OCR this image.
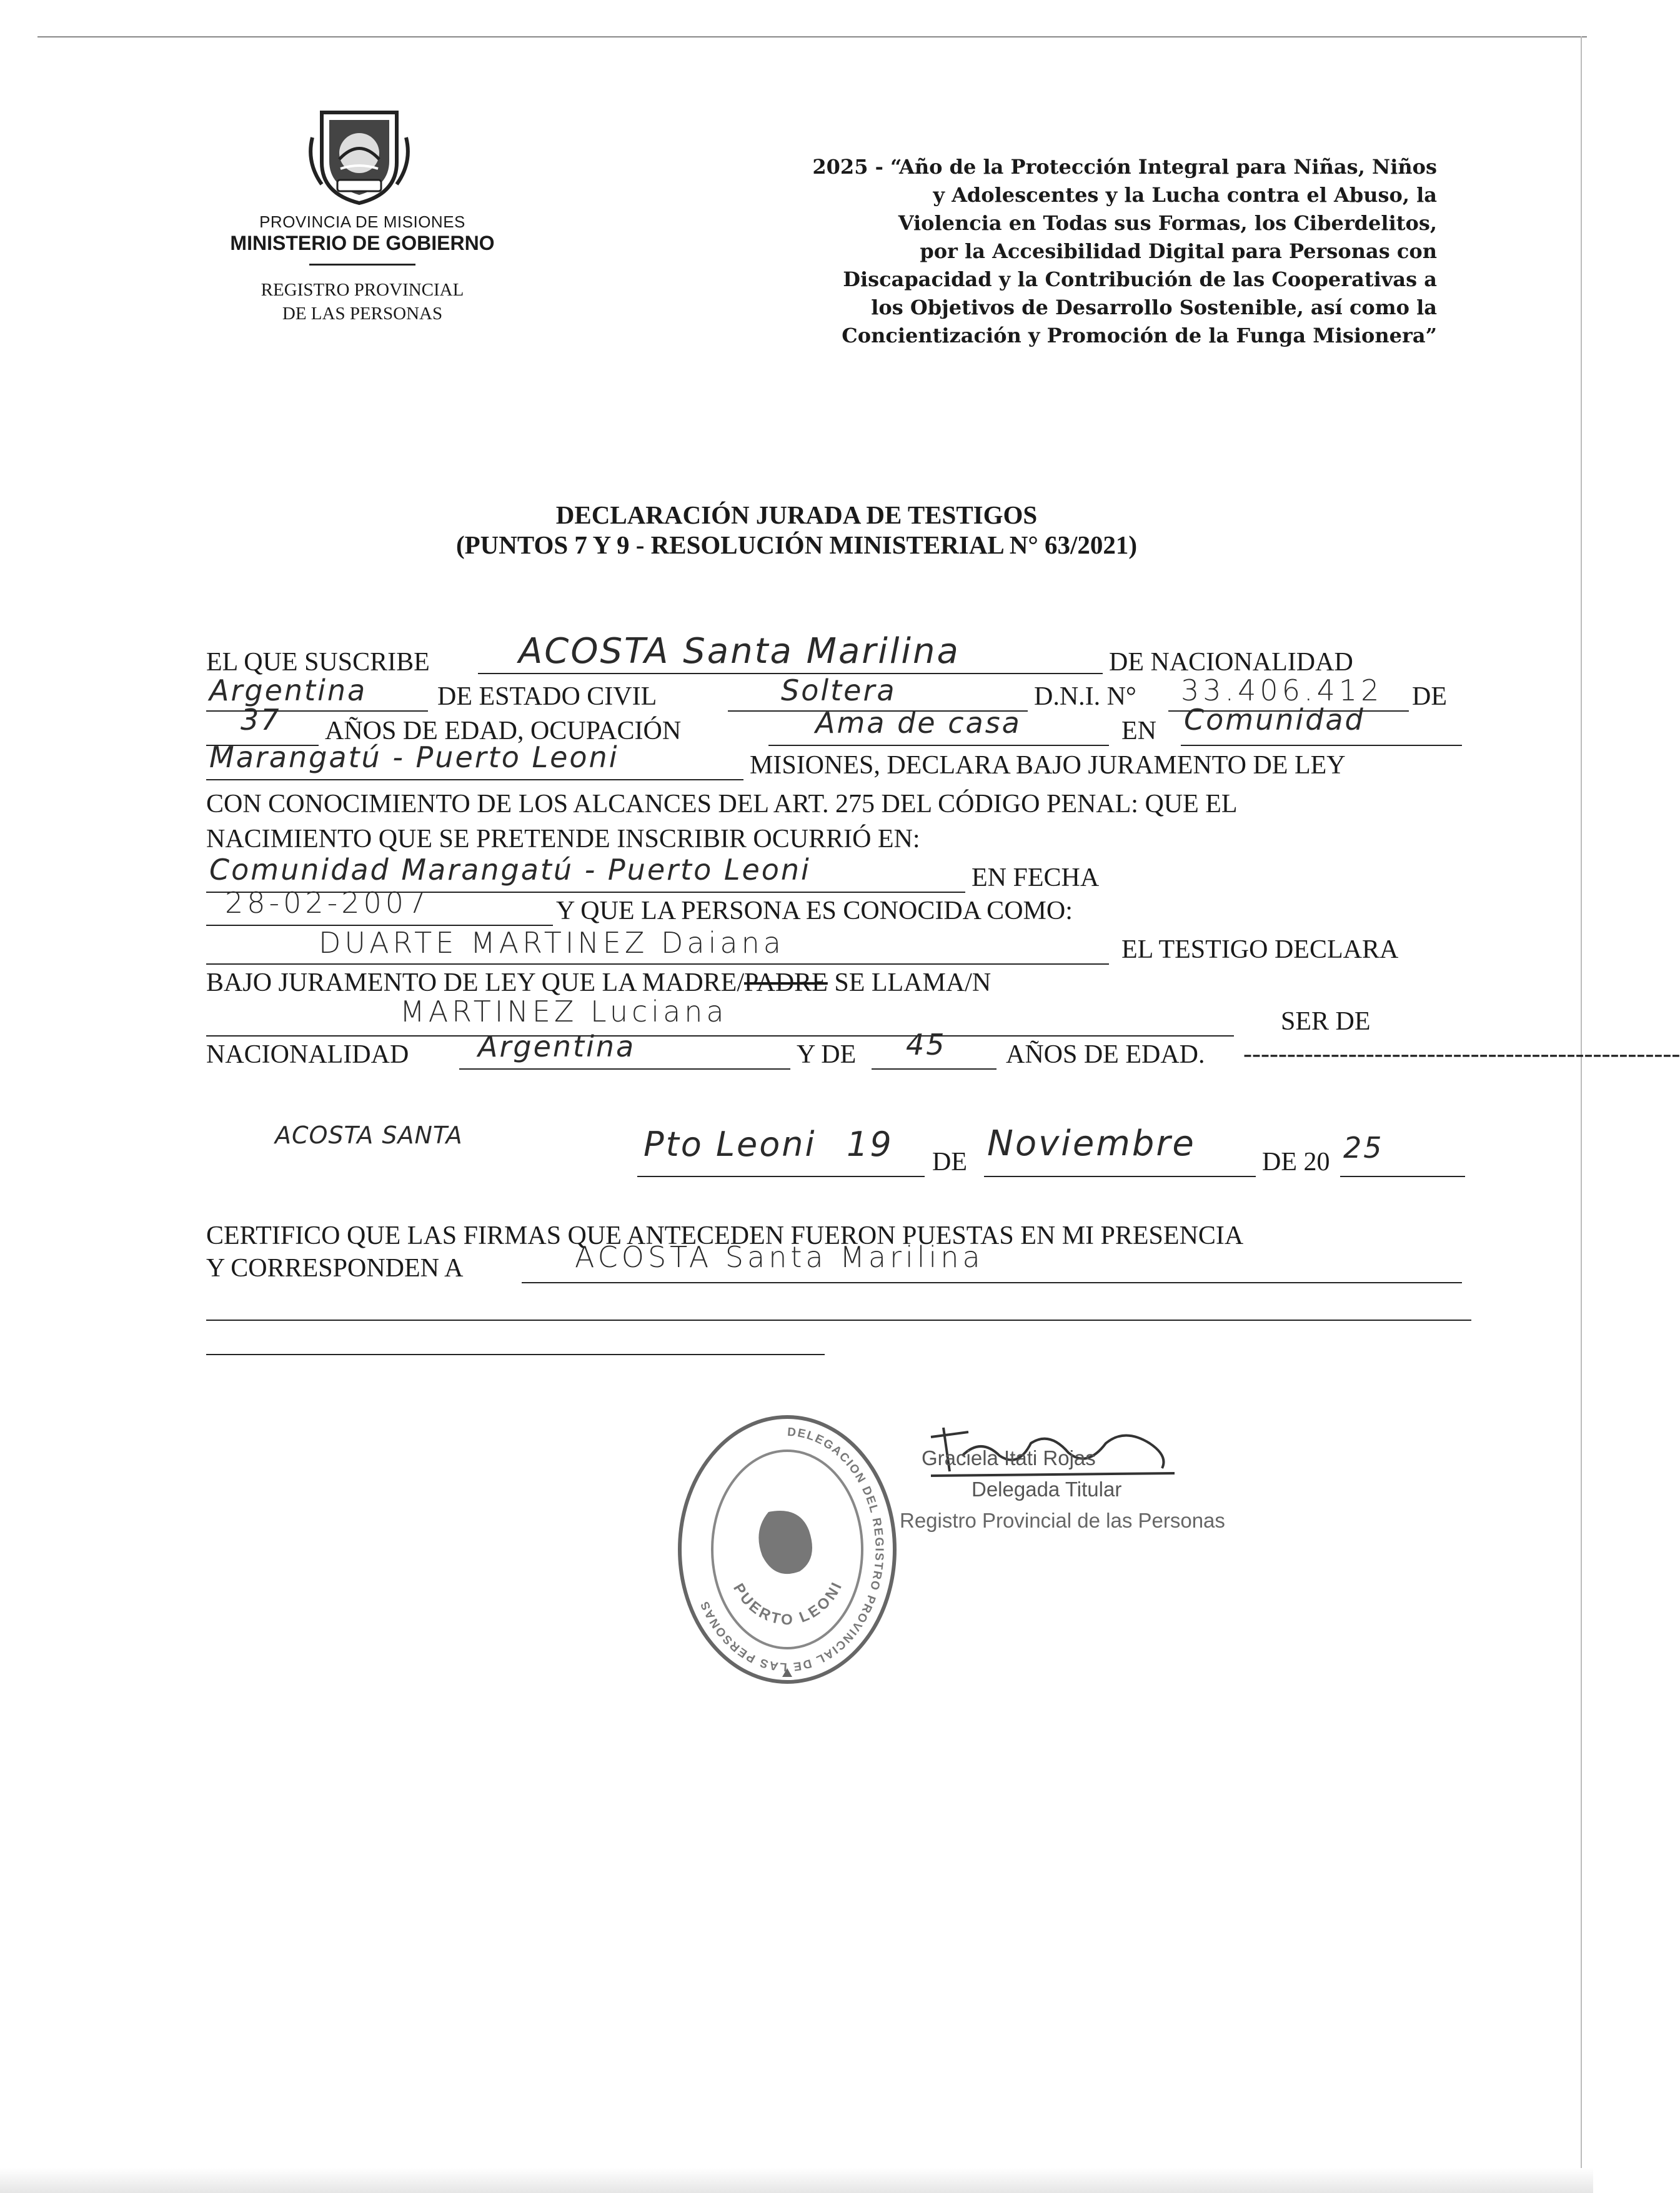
PROVINCIA DE MISIONES
MINISTERIO DE GOBIERNO
REGISTRO PROVINCIAL
DE LAS PERSONAS
2025 - “Año de la Protección Integral para Niñas, Niños
y Adolescentes y la Lucha contra el Abuso, la
Violencia en Todas sus Formas, los Ciberdelitos,
por la Accesibilidad Digital para Personas con
Discapacidad y la Contribución de las Cooperativas a
los Objetivos de Desarrollo Sostenible, así como la
Concientización y Promoción de la Funga Misionera”
DECLARACIÓN JURADA DE TESTIGOS
(PUNTOS 7 Y 9 - RESOLUCIÓN MINISTERIAL N° 63/2021)
EL QUE SUSCRIBE	ACOSTA Santa Marilina	DE NACIONALIDAD
Argentina	DE ESTADO CIVIL	Soltera	D.N.I. N° 33.406.412 DE
37 AÑOS DE EDAD, OCUPACIÓN	Ama de casa	EN Comunidad
Marangatú - Puerto Leoni	MISIONES, DECLARA BAJO JURAMENTO DE LEY
CON CONOCIMIENTO DE LOS ALCANCES DEL ART. 275 DEL CÓDIGO PENAL: QUE EL
NACIMIENTO QUE SE PRETENDE INSCRIBIR OCURRIÓ EN:
Comunidad Marangatú - Puerto Leoni	EN FECHA
28-02-2007	Y QUE LA PERSONA ES CONOCIDA COMO:
DUARTE MARTINEZ Daiana	EL TESTIGO DECLARA
BAJO JURAMENTO DE LEY QUE LA MADRE/PADRE SE LLAMA/N
MARTINEZ Luciana	SER DE
NACIONALIDAD Argentina	Y DE 45 AÑOS DE EDAD. --------------------------------------------------
ACOSTA SANTA	Pto Leoni 19 DE Noviembre	DE 20 25
CERTIFICO QUE LAS FIRMAS QUE ANTECEDEN FUERON PUESTAS EN MI PRESENCIA
Y CORRESPONDEN A	ACOSTA Santa Marilina
DELEGACION DEL REGISTRO PROVINCIAL DE LAS PERSONAS
PUERTO LEONI
Graciela Itati Rojas
Delegada Titular
Registro Provincial de las Personas
